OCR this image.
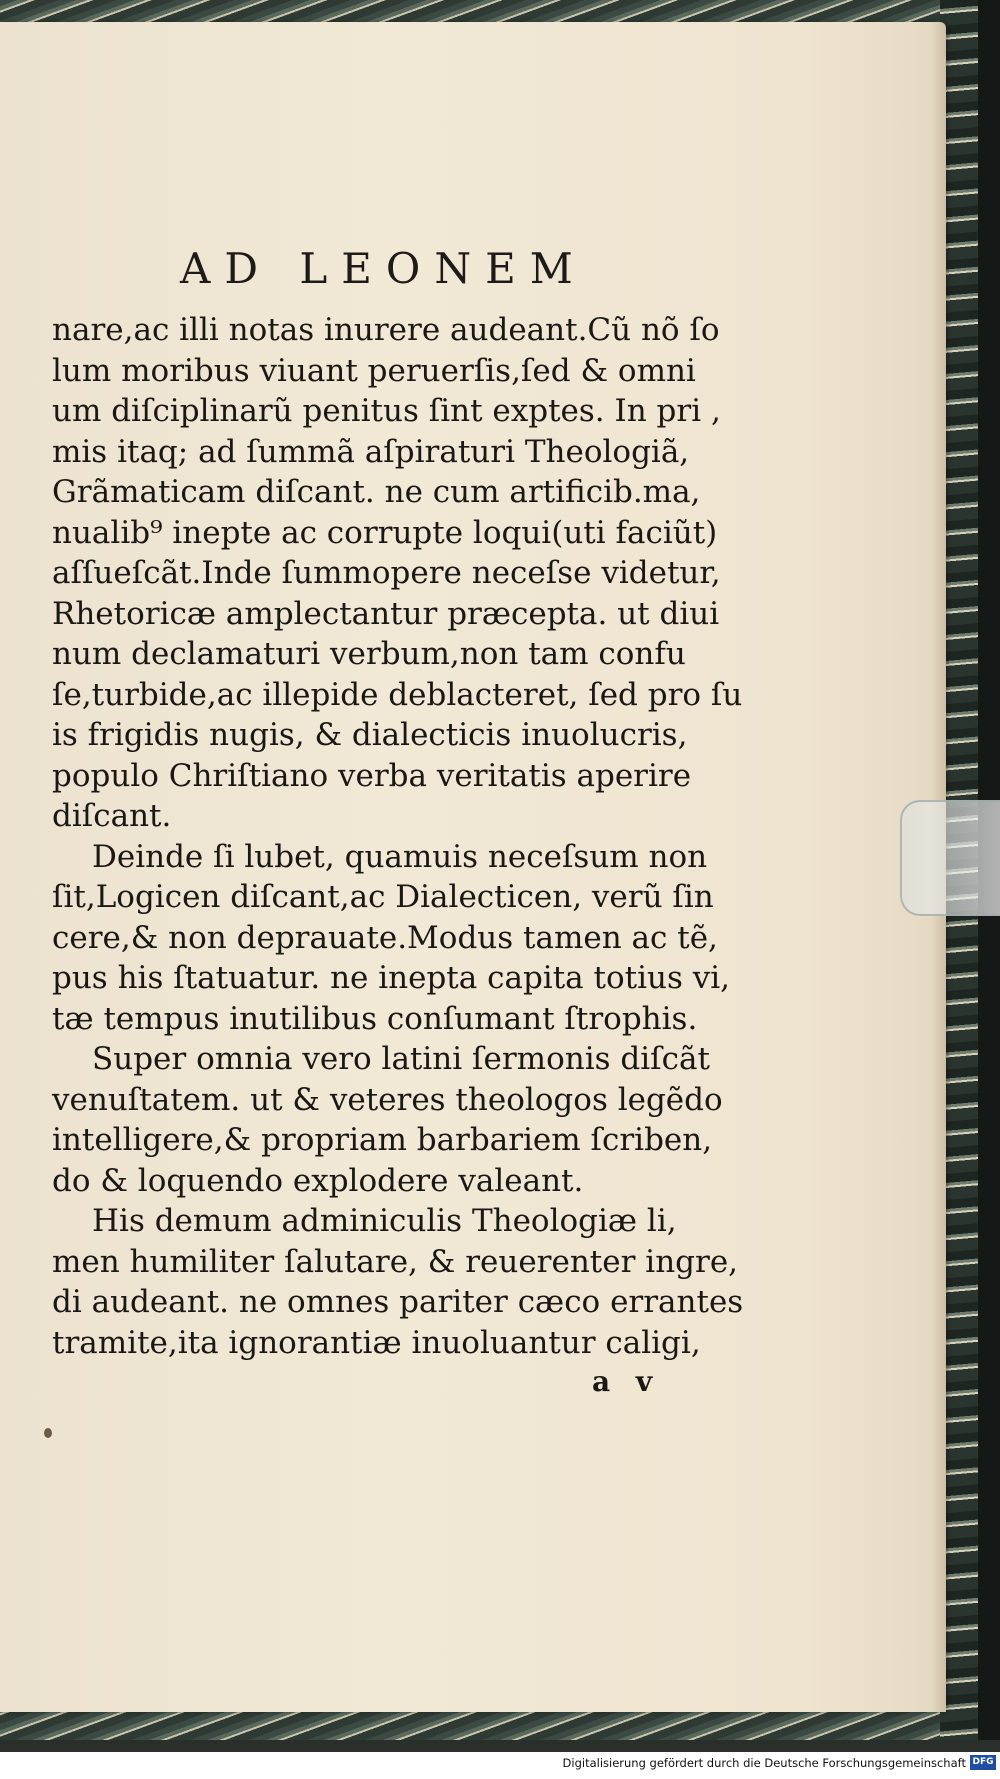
AD LEONEM
nare,ac illi notas inurere audeant.Cũ nõ ſo
lum moribus viuant peruerſis,ſed & omni
um diſciplinarũ penitus ſint exptes. In pri ,
mis itaq; ad ſummã aſpiraturi Theologiã,
Grãmaticam diſcant. ne cum artificib.ma,
nualib⁹ inepte ac corrupte loqui(uti faciũt)
aſſueſcãt.Inde ſummopere neceſse videtur,
Rhetoricæ amplectantur præcepta. ut diui
num declamaturi verbum,non tam confu
ſe,turbide,ac illepide deblacteret, ſed pro ſu
is frigidis nugis, & dialecticis inuolucris,
populo Chriſtiano verba veritatis aperire
diſcant.
Deinde ſi lubet, quamuis neceſsum non
ſit,Logicen diſcant,ac Dialecticen, verũ ſin
cere,& non deprauate.Modus tamen ac tẽ,
pus his ſtatuatur. ne inepta capita totius vi,
tæ tempus inutilibus conſumant ſtrophis.
Super omnia vero latini ſermonis diſcãt
venuſtatem. ut & veteres theologos legẽdo
intelligere,& propriam barbariem ſcriben,
do & loquendo explodere valeant.
His demum adminiculis Theologiæ li,
men humiliter ſalutare, & reuerenter ingre,
di audeant. ne omnes pariter cæco errantes
tramite,ita ignorantiæ inuoluantur caligi,
a v
Digitalisierung gefördert durch die Deutsche Forschungsgemeinschaft DFG
